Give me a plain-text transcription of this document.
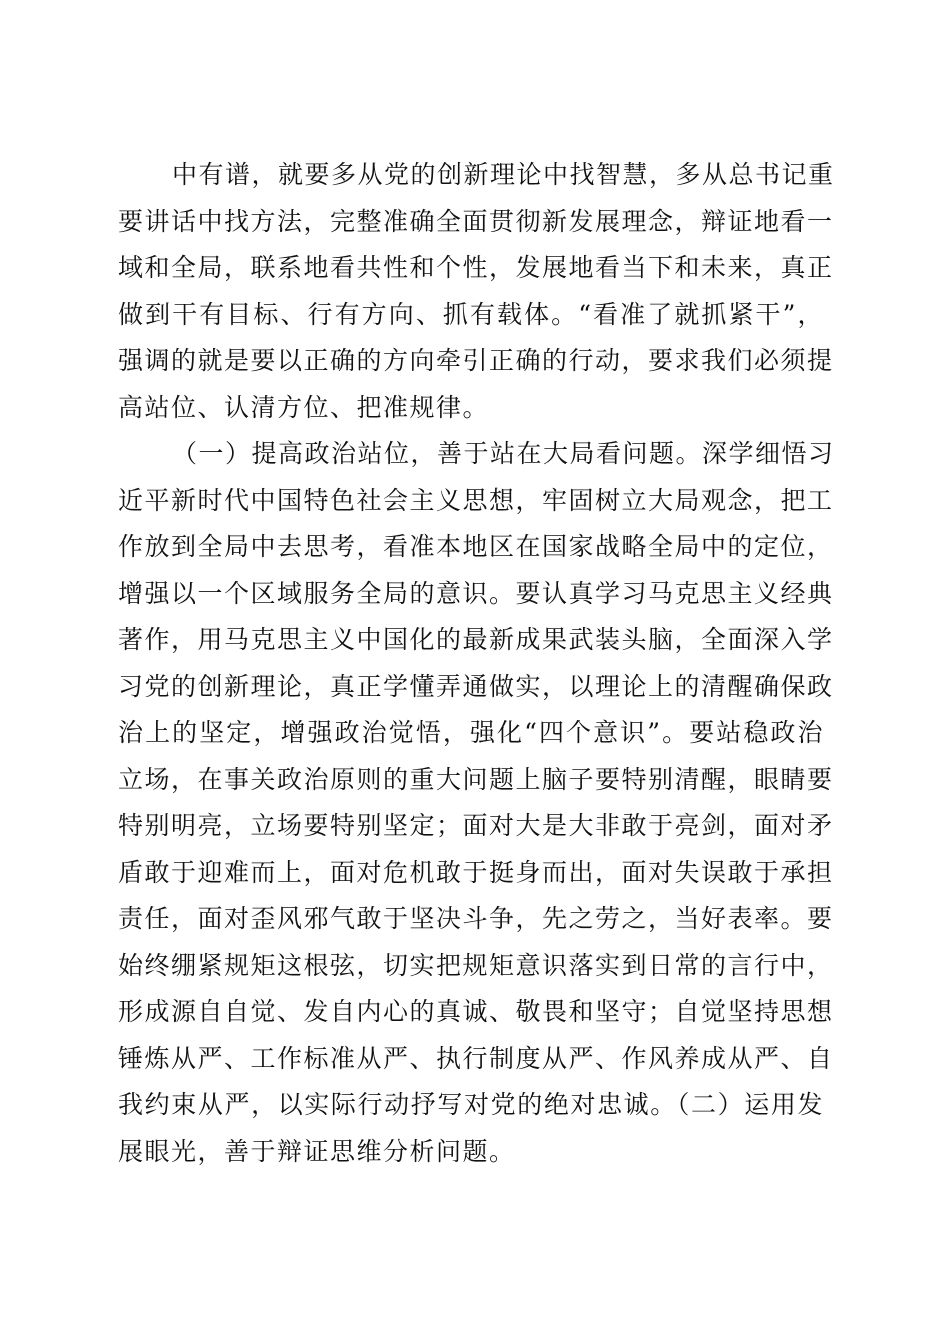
中有谱，就要多从党的创新理论中找智慧，多从总书记重
要讲话中找方法，完整准确全面贯彻新发展理念，辩证地看一
域和全局，联系地看共性和个性，发展地看当下和未来，真正
做到干有目标、行有方向、抓有载体。“看准了就抓紧干”，
强调的就是要以正确的方向牵引正确的行动，要求我们必须提
高站位、认清方位、把准规律。
（一）提高政治站位，善于站在大局看问题。深学细悟习
近平新时代中国特色社会主义思想，牢固树立大局观念，把工
作放到全局中去思考，看准本地区在国家战略全局中的定位，
增强以一个区域服务全局的意识。要认真学习马克思主义经典
著作，用马克思主义中国化的最新成果武装头脑，全面深入学
习党的创新理论，真正学懂弄通做实，以理论上的清醒确保政
治上的坚定，增强政治觉悟，强化“四个意识”。要站稳政治
立场，在事关政治原则的重大问题上脑子要特别清醒，眼睛要
特别明亮，立场要特别坚定；面对大是大非敢于亮剑，面对矛
盾敢于迎难而上，面对危机敢于挺身而出，面对失误敢于承担
责任，面对歪风邪气敢于坚决斗争，先之劳之，当好表率。要
始终绷紧规矩这根弦，切实把规矩意识落实到日常的言行中，
形成源自自觉、发自内心的真诚、敬畏和坚守；自觉坚持思想
锤炼从严、工作标准从严、执行制度从严、作风养成从严、自
我约束从严，以实际行动抒写对党的绝对忠诚。（二）运用发
展眼光，善于辩证思维分析问题。
